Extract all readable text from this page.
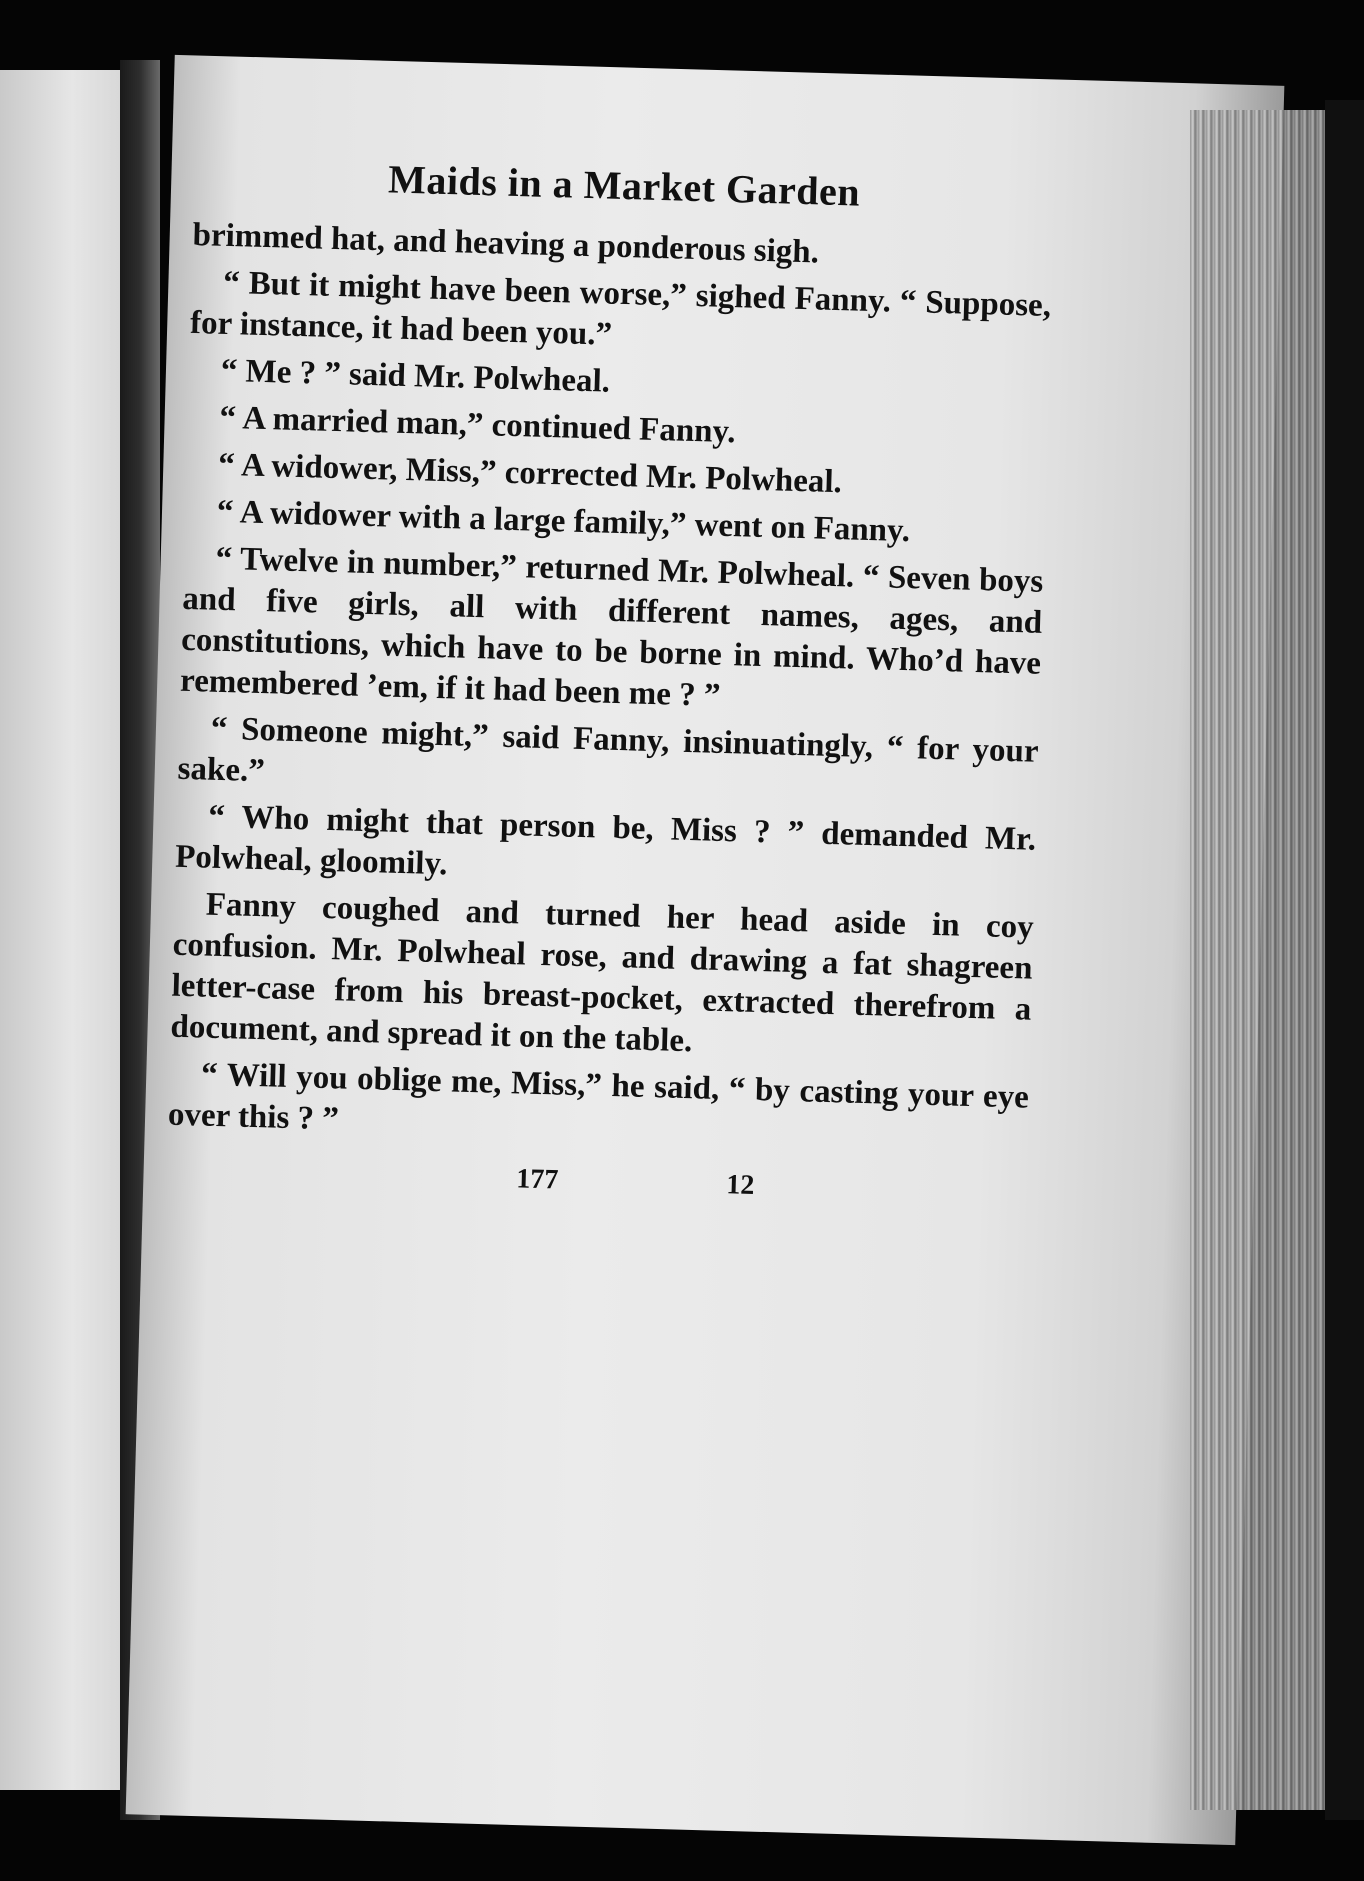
Maids in a Market Garden

brimmed hat, and heaving a ponderous sigh.

“ But it might have been worse,” sighed Fanny. “ Suppose, for instance, it had been you.”

“ Me ? ” said Mr. Polwheal.

“ A married man,” continued Fanny.

“ A widower, Miss,” corrected Mr. Polwheal.

“ A widower with a large family,” went on Fanny.

“ Twelve in number,” returned Mr. Polwheal. “ Seven boys and five girls, all with different names, ages, and constitutions, which have to be borne in mind. Who’d have remembered ’em, if it had been me ? ”

“ Someone might,” said Fanny, insinuatingly, “ for your sake.”

“ Who might that person be, Miss ? ” demanded Mr. Polwheal, gloomily.

Fanny coughed and turned her head aside in coy confusion. Mr. Polwheal rose, and drawing a fat shagreen letter-case from his breast-pocket, extracted therefrom a document, and spread it on the table.

“ Will you oblige me, Miss,” he said, “ by casting your eye over this ? ”

177	12
